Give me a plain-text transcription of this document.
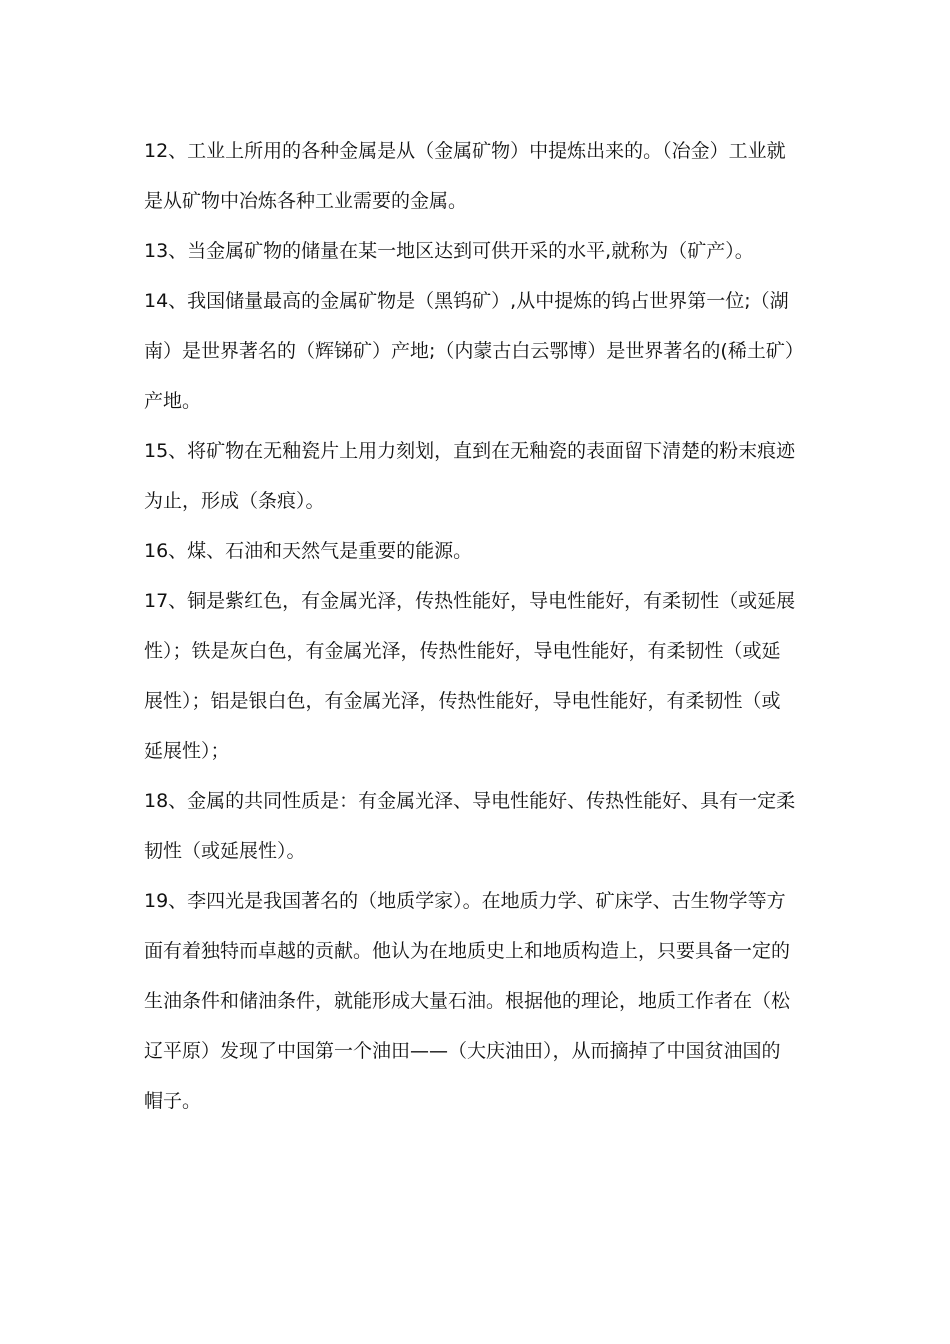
12、工业上所用的各种金属是从（金属矿物）中提炼出来的。（冶金）工业就
是从矿物中冶炼各种工业需要的金属。

13、当金属矿物的储量在某一地区达到可供开采的水平,就称为（矿产）。

14、我国储量最高的金属矿物是（黑钨矿）,从中提炼的钨占世界第一位;（湖
南）是世界著名的（辉锑矿）产地;（内蒙古白云鄂博）是世界著名的(稀土矿）
产地。

15、将矿物在无釉瓷片上用力刻划，直到在无釉瓷的表面留下清楚的粉末痕迹
为止，形成（条痕）。

16、煤、石油和天然气是重要的能源。

17、铜是紫红色，有金属光泽，传热性能好，导电性能好，有柔韧性（或延展
性）；铁是灰白色，有金属光泽，传热性能好，导电性能好，有柔韧性（或延
展性）；铝是银白色，有金属光泽，传热性能好，导电性能好，有柔韧性（或
延展性）；

18、金属的共同性质是：有金属光泽、导电性能好、传热性能好、具有一定柔
韧性（或延展性）。

19、李四光是我国著名的（地质学家）。在地质力学、矿床学、古生物学等方
面有着独特而卓越的贡献。他认为在地质史上和地质构造上，只要具备一定的
生油条件和储油条件，就能形成大量石油。根据他的理论，地质工作者在（松
辽平原）发现了中国第一个油田——（大庆油田），从而摘掉了中国贫油国的
帽子。
